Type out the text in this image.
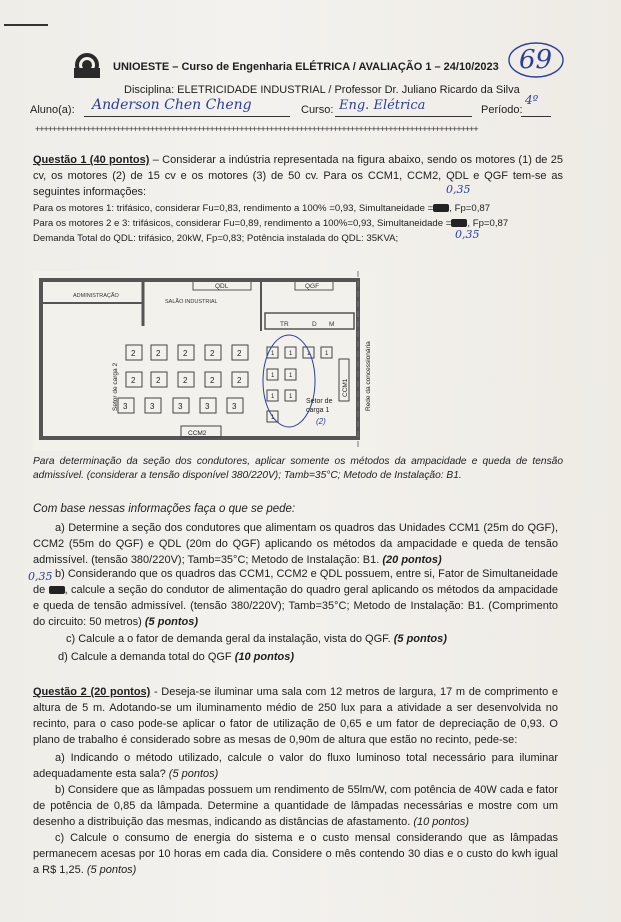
UNIOESTE – Curso de Engenharia ELÉTRICA / AVALIAÇÃO 1 – 24/10/2023
Disciplina: ELETRICIDADE INDUSTRIAL / Professor Dr. Juliano Ricardo da Silva
69
Aluno(a): Anderson Chen Cheng	Curso: Eng. Elétrica	Período:
4º
++++++++++++++++++++++++++++++++++++++++++++++++++++++++++++++++++++++++++++++++++++++++++++++++++++++++
Questão 1 (40 pontos) – Considerar a indústria representada na figura abaixo, sendo os motores (1) de 25 cv, os motores (2) de 15 cv e os motores (3) de 50 cv. Para os CCM1, CCM2, QDL e QGF tem-se as seguintes informações:	0,35
Para os motores 1: trifásico, considerar Fu=0,83, rendimento a 100% =0,93, Simultaneidade = , Fp=0,87
Para os motores 2 e 3: trifásicos, considerar Fu=0,89, rendimento a 100%=0,93, Simultaneidade = , Fp=0,87
Demanda Total do QDL: trifásico, 20kW, Fp=0,83; Potência instalada do QDL: 35KVA;	0,35
QDL	QGF
ADMINISTRAÇÃO
SALÃO INDUSTRIAL
TR	D M
2	2	2	2	2
2	2	2	2	2
3	3	3	3	3
1 1 1 1
1 1
1 1
1
CCM1
CCM2
Setor de carga 2	Setor de
carga 1
(2)
Rede da concessionária
Para determinação da seção dos condutores, aplicar somente os métodos da ampacidade e queda de tensão admissível. (considerar a tensão disponível 380/220V); Tamb=35°C; Metodo de Instalação: B1.
Com base nessas informações faça o que se pede:
a) Determine a seção dos condutores que alimentam os quadros das Unidades CCM1 (25m do QGF), CCM2 (55m do QGF) e QDL (20m do QGF) aplicando os métodos da ampacidade e queda de tensão admissível. (tensão 380/220V); Tamb=35°C; Metodo de Instalação: B1. (20 pontos)
0,35 b) Considerando que os quadros das CCM1, CCM2 e QDL possuem, entre si, Fator de Simultaneidade de , calcule a seção do condutor de alimentação do quadro geral aplicando os métodos da ampacidade e queda de tensão admissível. (tensão 380/220V); Tamb=35°C; Metodo de Instalação: B1. (Comprimento do circuito: 50 metros) (5 pontos)
c) Calcule a o fator de demanda geral da instalação, vista do QGF. (5 pontos)
d) Calcule a demanda total do QGF (10 pontos)
Questão 2 (20 pontos) - Deseja-se iluminar uma sala com 12 metros de largura, 17 m de comprimento e altura de 5 m. Adotando-se um iluminamento médio de 250 lux para a atividade a ser desenvolvida no recinto, para o caso pode-se aplicar o fator de utilização de 0,65 e um fator de depreciação de 0,93. O plano de trabalho é considerado sobre as mesas de 0,90m de altura que estão no recinto, pede-se:
a) Indicando o método utilizado, calcule o valor do fluxo luminoso total necessário para iluminar adequadamente esta sala? (5 pontos)
b) Considere que as lâmpadas possuem um rendimento de 55lm/W, com potência de 40W cada e fator de potência de 0,85 da lâmpada. Determine a quantidade de lâmpadas necessárias e mostre com um desenho a distribuição das mesmas, indicando as distâncias de afastamento. (10 pontos)
c) Calcule o consumo de energia do sistema e o custo mensal considerando que as lâmpadas permanecem acesas por 10 horas em cada dia. Considere o mês contendo 30 dias e o custo do kwh igual a R$ 1,25. (5 pontos)
